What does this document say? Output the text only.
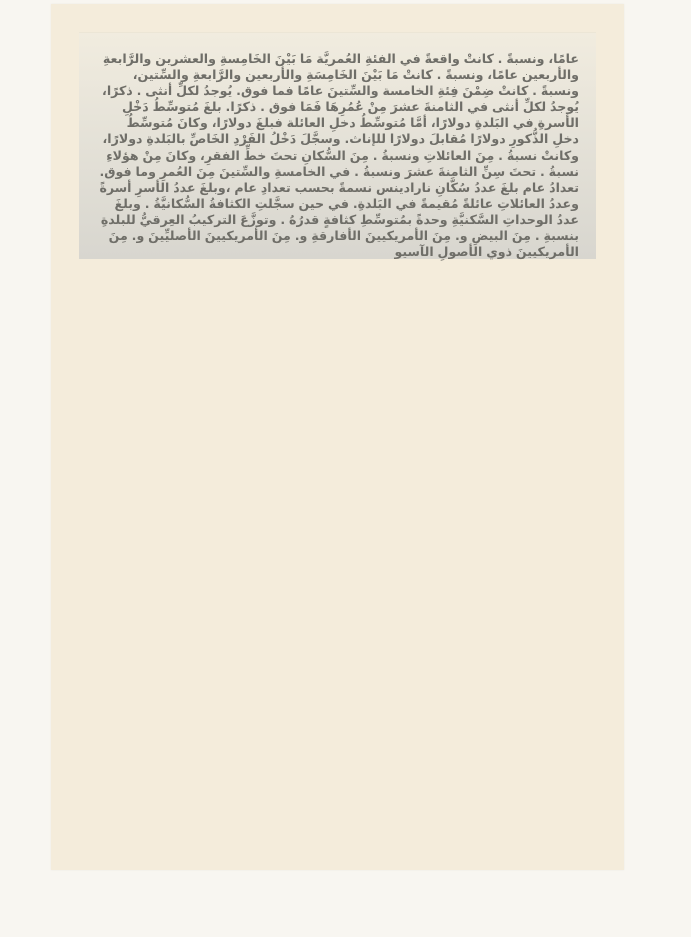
عامًا، ونسبةً . كانتْ واقعةً في الفئةِ العُمريَّة مَا بَيْنَ الخَامِسةِ والعشرين والرَّابعةِ والأربعين عامًا، ونسبةً . كانتْ مَا بَيْنَ الخَامِسَةِ والأربعين والرَّابعةِ والسِّتين، ونسبةً . كانتْ ضِمْنَ فِئةِ الخامسة والسِّتينَ عامًا فما فوق. يُوجدُ لكلِّ أنثى . ذكرًا، يُوجدُ لكلِّ أنثى في الثامنةَ عشرَ مِنْ عُمُرِهَا فَمَا فوق . ذكرًا. بلغَ مُتوسِّطُ دَخْلِ الأسرةِ في البَلدةِ دولارًا، أمَّا مُتوسِّطُ دخلِ العائلة فبلغَ دولارًا، وكانَ مُتوسِّطُ دخلِ الذُّكورِ دولارًا مُقابلَ دولارًا للإناث. وسجَّلَ دَخْلُ الفَرْدِ الخَاصِّ بالبَلدةِ دولارًا، وكانتْ نسبةُ . مِنَ العائلاتِ ونسبةُ . مِنَ السُّكانِ تحتَ خطِّ الفقرِ، وكانَ مِنْ هؤلاءِ نسبةُ . تحتَ سِنِّ الثامنةَ عشرَ ونسبةُ . في الخامسةِ والسِّتينَ مِنَ العُمرِ وما فوق. تعدادُ عام بلغَ عددُ سُكَّانِ نارادينس نسمةً بحسب تعدادِ عام ،وبلغَ عددُ الأسرِ أسرةً وعددُ العائلاتِ عائلةً مُقيمةً في البَلدةِ. في حين سجَّلتِ الكثافةُ السُّكانيَّةُ . وبلغَ عددُ الوحداتِ السَّكنيَّةِ وحدةً بمُتوسِّطِ كثافةٍ قدرُهُ . وتوزَّعَ التركيبُ العِرقيُّ للبلدةِ بنسبةِ . مِنَ البيضِ و. مِنَ الأمريكيينَ الأفارقةِ و. مِنَ الأمريكيينَ الأصليِّينَ و. مِنَ الأمريكيينَ ذوي الأصولِ الآسيو
